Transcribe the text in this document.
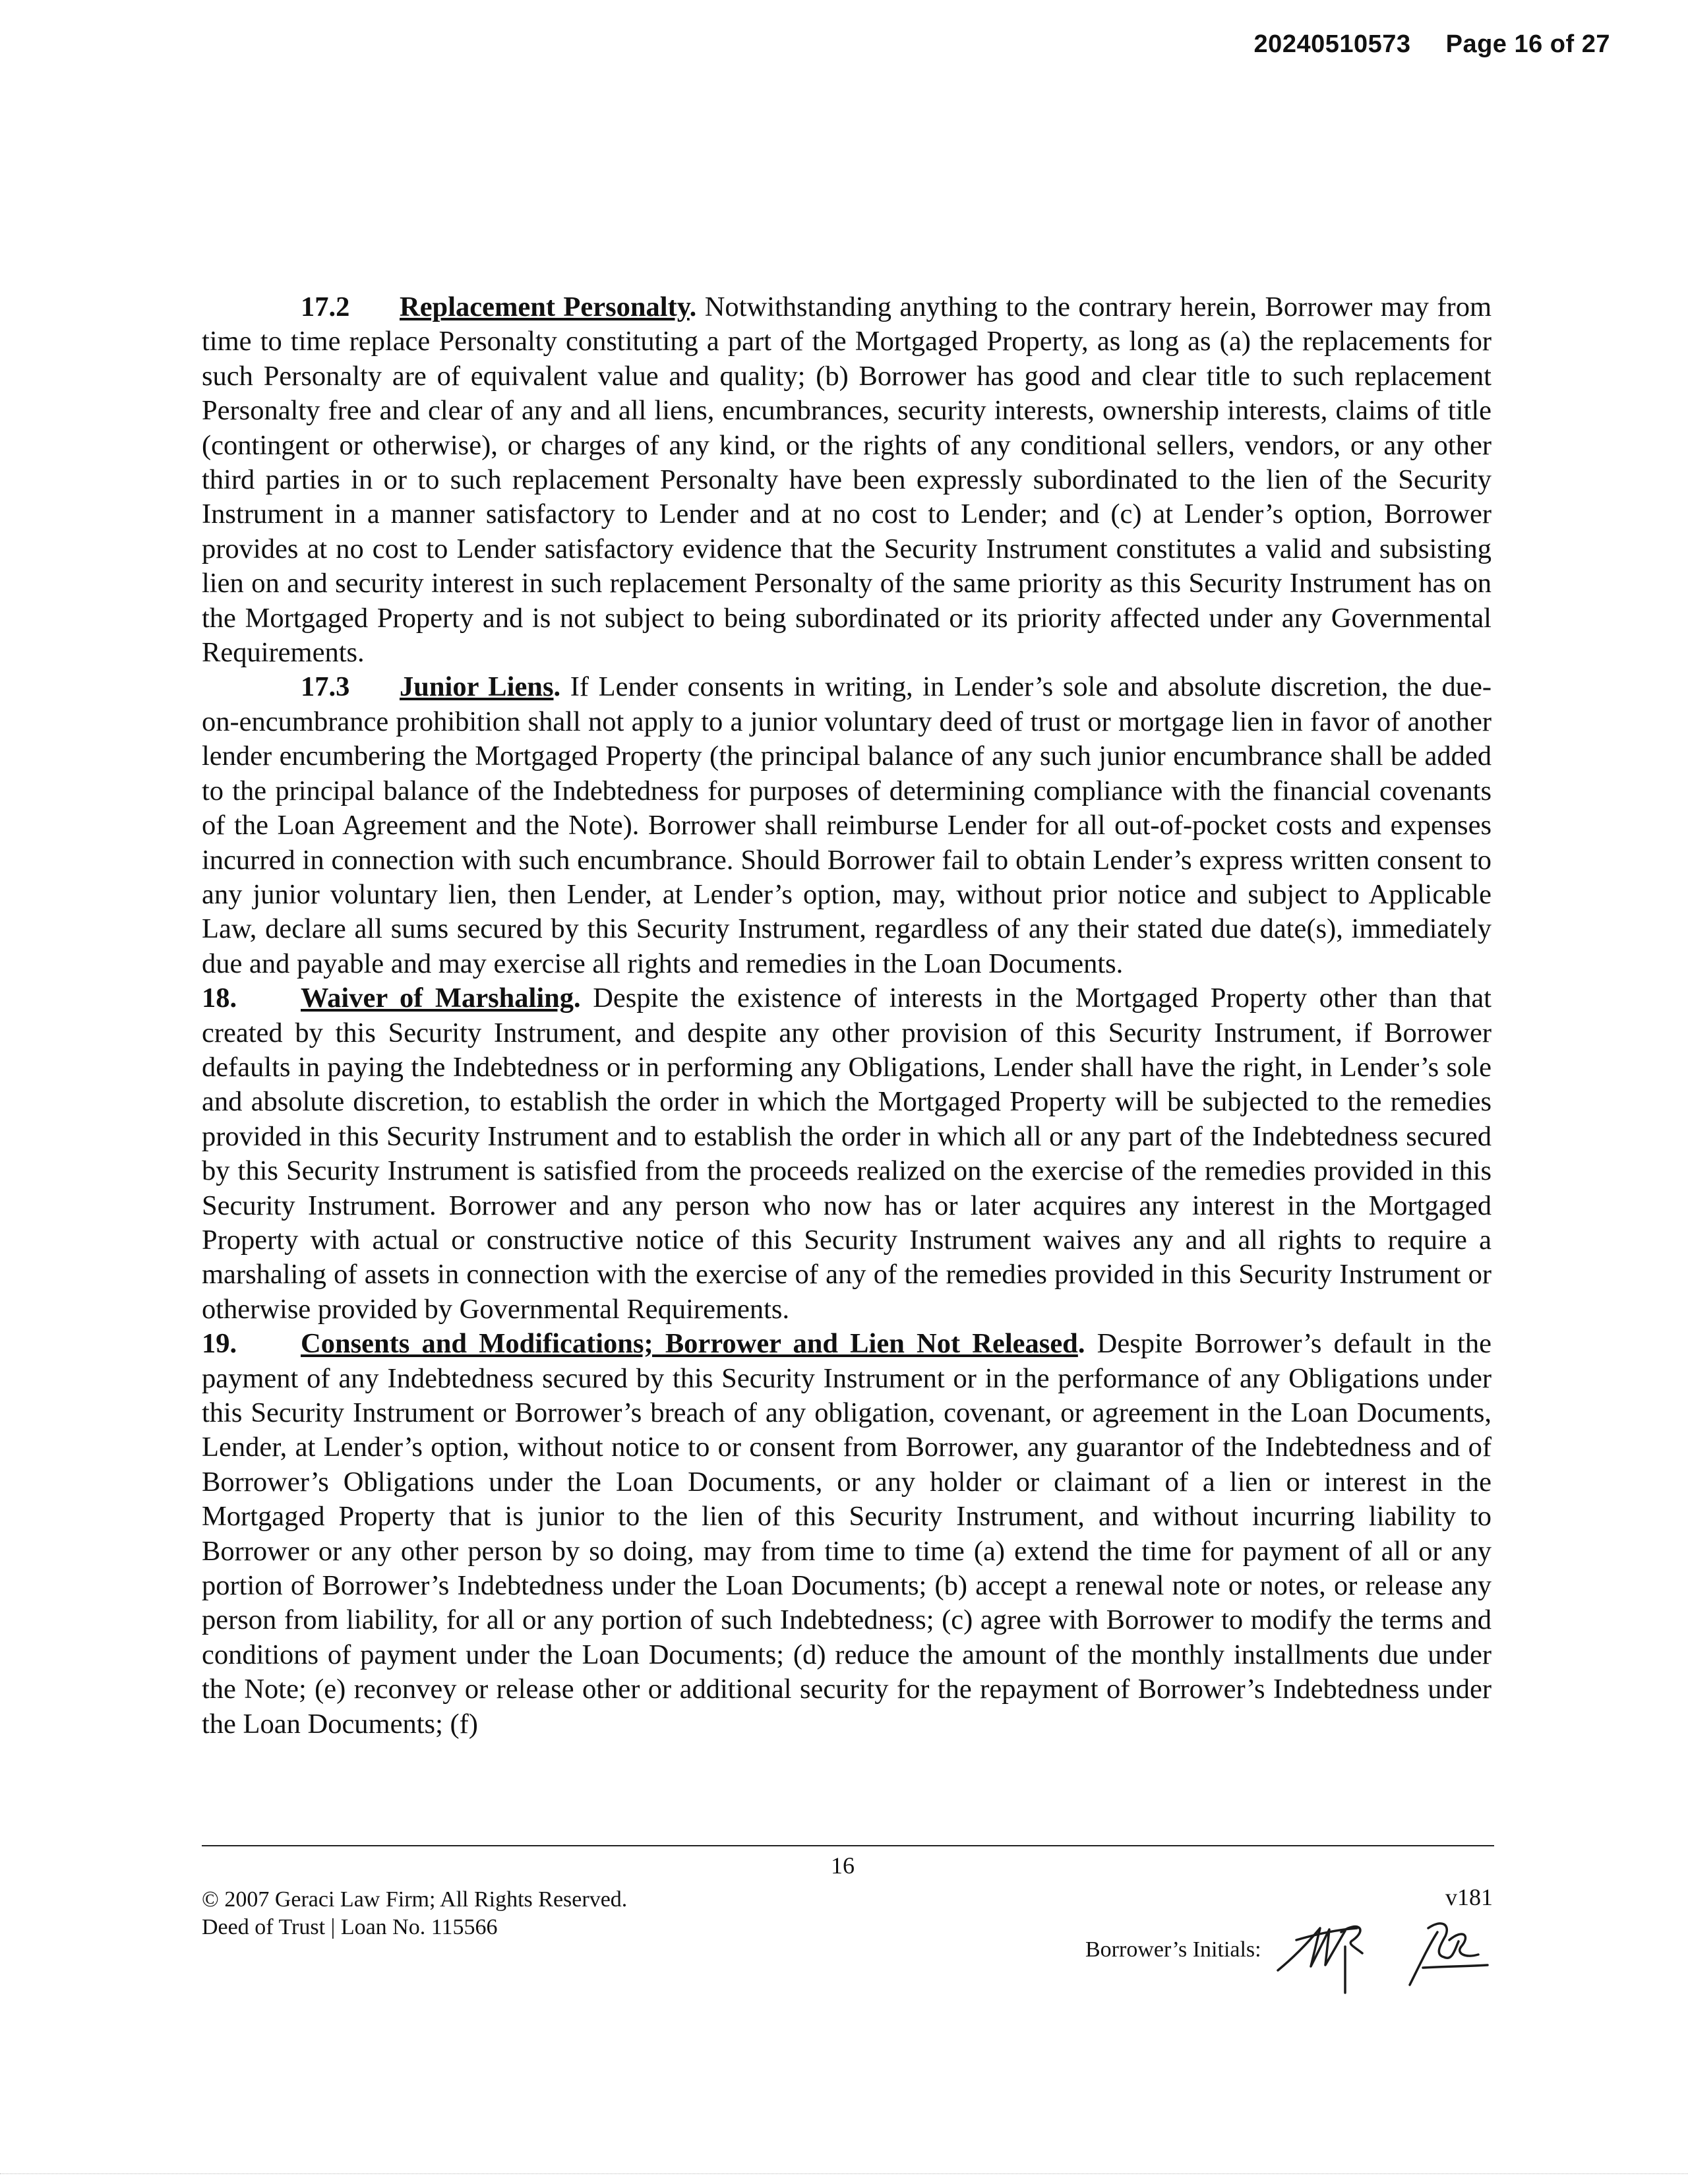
20240510573 Page 16 of 27

17.2 Replacement Personalty. Notwithstanding anything to the contrary herein, Borrower may from time to time replace Personalty constituting a part of the Mortgaged Property, as long as (a) the replacements for such Personalty are of equivalent value and quality; (b) Borrower has good and clear title to such replacement Personalty free and clear of any and all liens, encumbrances, security interests, ownership interests, claims of title (contingent or otherwise), or charges of any kind, or the rights of any conditional sellers, vendors, or any other third parties in or to such replacement Personalty have been expressly subordinated to the lien of the Security Instrument in a manner satisfactory to Lender and at no cost to Lender; and (c) at Lender’s option, Borrower provides at no cost to Lender satisfactory evidence that the Security Instrument constitutes a valid and subsisting lien on and security interest in such replacement Personalty of the same priority as this Security Instrument has on the Mortgaged Property and is not subject to being subordinated or its priority affected under any Governmental Requirements.

17.3 Junior Liens. If Lender consents in writing, in Lender’s sole and absolute discretion, the due-on-encumbrance prohibition shall not apply to a junior voluntary deed of trust or mortgage lien in favor of another lender encumbering the Mortgaged Property (the principal balance of any such junior encumbrance shall be added to the principal balance of the Indebtedness for purposes of determining compliance with the financial covenants of the Loan Agreement and the Note). Borrower shall reimburse Lender for all out-of-pocket costs and expenses incurred in connection with such encumbrance. Should Borrower fail to obtain Lender’s express written consent to any junior voluntary lien, then Lender, at Lender’s option, may, without prior notice and subject to Applicable Law, declare all sums secured by this Security Instrument, regardless of any their stated due date(s), immediately due and payable and may exercise all rights and remedies in the Loan Documents.

18. Waiver of Marshaling. Despite the existence of interests in the Mortgaged Property other than that created by this Security Instrument, and despite any other provision of this Security Instrument, if Borrower defaults in paying the Indebtedness or in performing any Obligations, Lender shall have the right, in Lender’s sole and absolute discretion, to establish the order in which the Mortgaged Property will be subjected to the remedies provided in this Security Instrument and to establish the order in which all or any part of the Indebtedness secured by this Security Instrument is satisfied from the proceeds realized on the exercise of the remedies provided in this Security Instrument. Borrower and any person who now has or later acquires any interest in the Mortgaged Property with actual or constructive notice of this Security Instrument waives any and all rights to require a marshaling of assets in connection with the exercise of any of the remedies provided in this Security Instrument or otherwise provided by Governmental Requirements.

19. Consents and Modifications; Borrower and Lien Not Released. Despite Borrower’s default in the payment of any Indebtedness secured by this Security Instrument or in the performance of any Obligations under this Security Instrument or Borrower’s breach of any obligation, covenant, or agreement in the Loan Documents, Lender, at Lender’s option, without notice to or consent from Borrower, any guarantor of the Indebtedness and of Borrower’s Obligations under the Loan Documents, or any holder or claimant of a lien or interest in the Mortgaged Property that is junior to the lien of this Security Instrument, and without incurring liability to Borrower or any other person by so doing, may from time to time (a) extend the time for payment of all or any portion of Borrower’s Indebtedness under the Loan Documents; (b) accept a renewal note or notes, or release any person from liability, for all or any portion of such Indebtedness; (c) agree with Borrower to modify the terms and conditions of payment under the Loan Documents; (d) reduce the amount of the monthly installments due under the Note; (e) reconvey or release other or additional security for the repayment of Borrower’s Indebtedness under the Loan Documents; (f)

16
© 2007 Geraci Law Firm; All Rights Reserved.
Deed of Trust | Loan No. 115566
v181
Borrower’s Initials:
